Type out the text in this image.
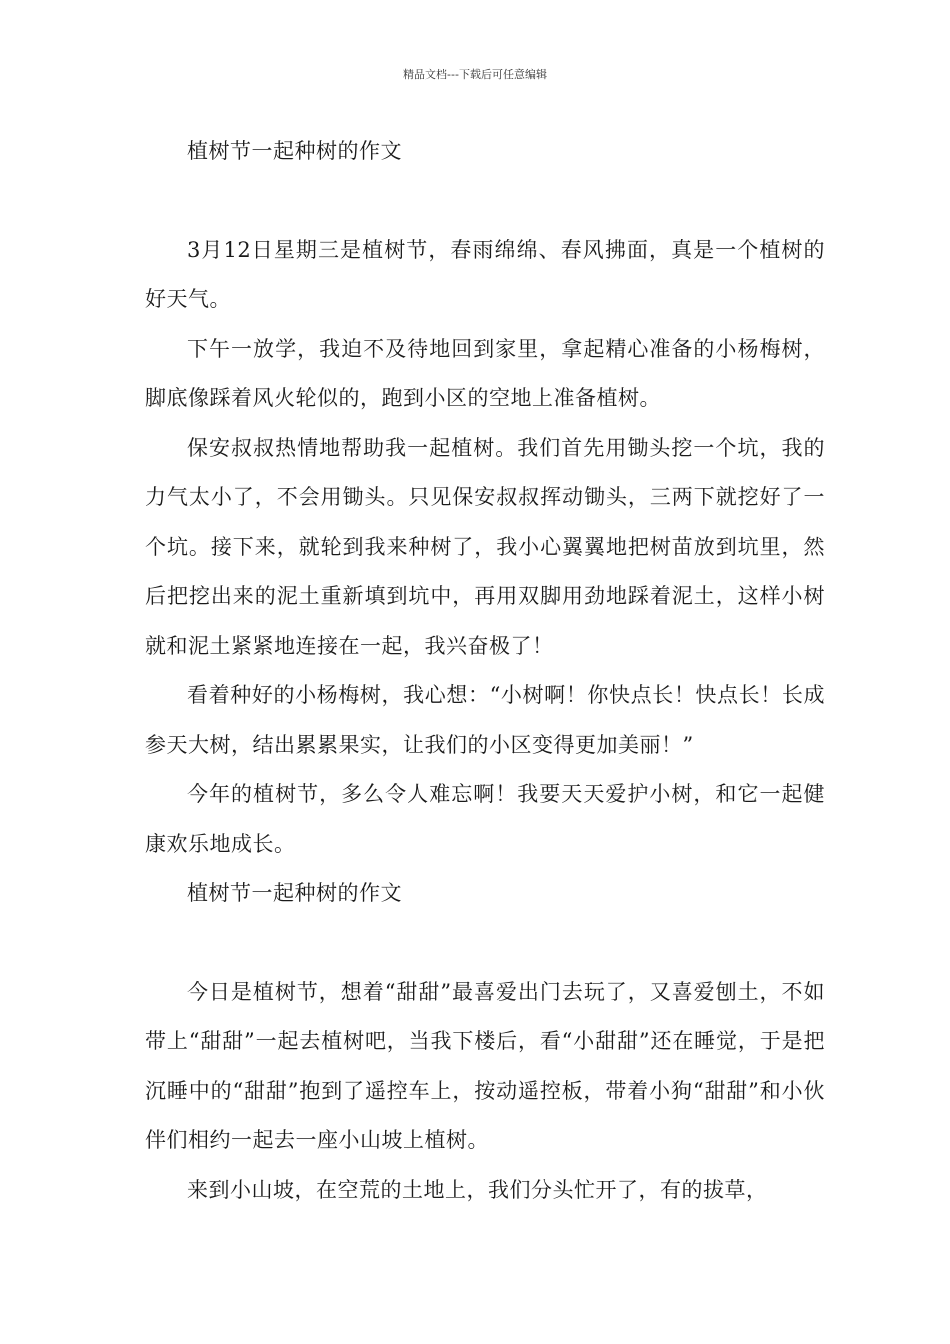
精品文档---下载后可任意编辑

植树节一起种树的作文

3月12日星期三是植树节，春雨绵绵、春风拂面，真是一个植树的好天气。

下午一放学，我迫不及待地回到家里，拿起精心准备的小杨梅树，脚底像踩着风火轮似的，跑到小区的空地上准备植树。

保安叔叔热情地帮助我一起植树。我们首先用锄头挖一个坑，我的力气太小了，不会用锄头。只见保安叔叔挥动锄头，三两下就挖好了一个坑。接下来，就轮到我来种树了，我小心翼翼地把树苗放到坑里，然后把挖出来的泥土重新填到坑中，再用双脚用劲地踩着泥土，这样小树就和泥土紧紧地连接在一起，我兴奋极了！

看着种好的小杨梅树，我心想：“小树啊！你快点长！快点长！长成参天大树，结出累累果实，让我们的小区变得更加美丽！”

今年的植树节，多么令人难忘啊！我要天天爱护小树，和它一起健康欢乐地成长。

植树节一起种树的作文

今日是植树节，想着“甜甜”最喜爱出门去玩了，又喜爱刨土，不如带上“甜甜”一起去植树吧，当我下楼后，看“小甜甜”还在睡觉，于是把沉睡中的“甜甜”抱到了遥控车上，按动遥控板，带着小狗“甜甜”和小伙伴们相约一起去一座小山坡上植树。

来到小山坡，在空荒的土地上，我们分头忙开了，有的拔草，
